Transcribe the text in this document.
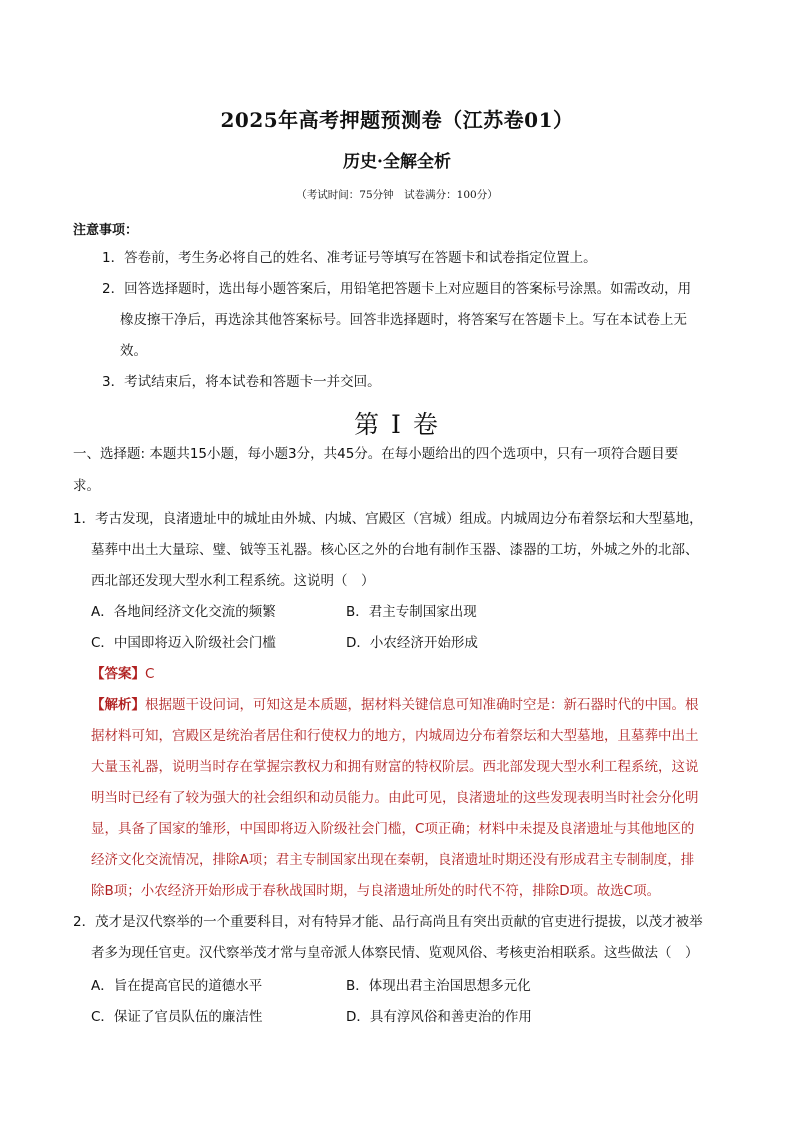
2025年高考押题预测卷（江苏卷01）
历史·全解全析
（考试时间：75分钟　试卷满分：100分）
注意事项：
1．答卷前，考生务必将自己的姓名、准考证号等填写在答题卡和试卷指定位置上。
2．回答选择题时，选出每小题答案后，用铅笔把答题卡上对应题目的答案标号涂黑。如需改动，用
橡皮擦干净后，再选涂其他答案标号。回答非选择题时，将答案写在答题卡上。写在本试卷上无
效。
3．考试结束后，将本试卷和答题卡一并交回。
第 I 卷
一、选择题: 本题共15小题，每小题3分，共45分。在每小题给出的四个选项中，只有一项符合题目要
求。
1．考古发现，良渚遗址中的城址由外城、内城、宫殿区（宫城）组成。内城周边分布着祭坛和大型墓地，
墓葬中出土大量琮、璧、钺等玉礼器。核心区之外的台地有制作玉器、漆器的工坊，外城之外的北部、
西北部还发现大型水利工程系统。这说明（　）
A．各地间经济文化交流的频繁	B．君主专制国家出现
C．中国即将迈入阶级社会门槛	D．小农经济开始形成
【答案】C
【解析】根据题干设问词，可知这是本质题，据材料关键信息可知准确时空是：新石器时代的中国。根
据材料可知，宫殿区是统治者居住和行使权力的地方，内城周边分布着祭坛和大型墓地，且墓葬中出土
大量玉礼器，说明当时存在掌握宗教权力和拥有财富的特权阶层。西北部发现大型水利工程系统，这说
明当时已经有了较为强大的社会组织和动员能力。由此可见，良渚遗址的这些发现表明当时社会分化明
显，具备了国家的雏形，中国即将迈入阶级社会门槛，C项正确；材料中未提及良渚遗址与其他地区的
经济文化交流情况，排除A项；君主专制国家出现在秦朝，良渚遗址时期还没有形成君主专制制度，排
除B项；小农经济开始形成于春秋战国时期，与良渚遗址所处的时代不符，排除D项。故选C项。
2．茂才是汉代察举的一个重要科目，对有特异才能、品行高尚且有突出贡献的官吏进行提拔，以茂才被举
者多为现任官吏。汉代察举茂才常与皇帝派人体察民情、览观风俗、考核吏治相联系。这些做法（　）
A．旨在提高官民的道德水平	B．体现出君主治国思想多元化
C．保证了官员队伍的廉洁性	D．具有淳风俗和善吏治的作用
